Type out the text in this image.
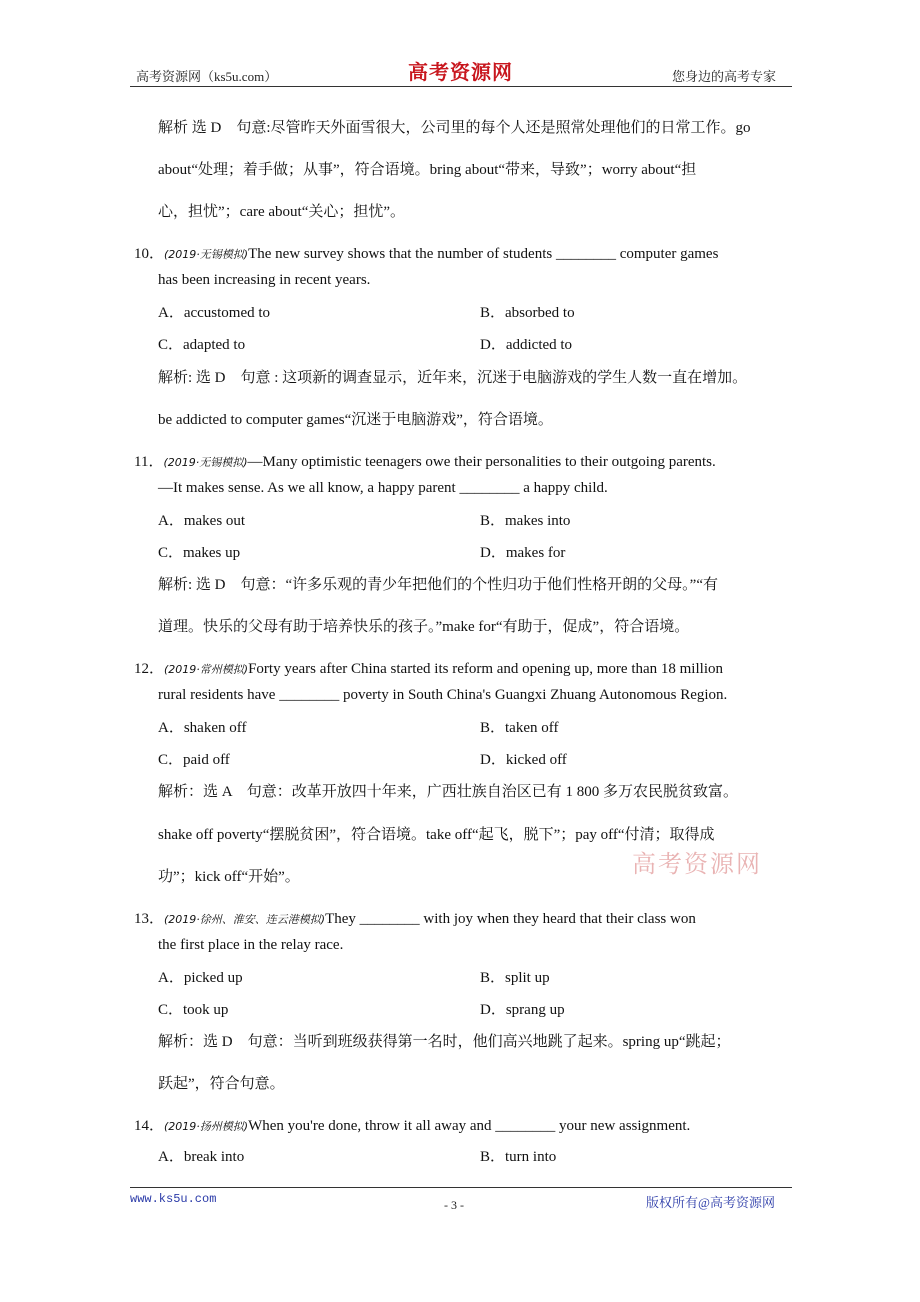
高考资源网（ks5u.com）	高考资源网	您身边的高考专家
解析 选 D　句意:尽管昨天外面雪很大，公司里的每个人还是照常处理他们的日常工作。go
about“处理；着手做；从事”，符合语境。bring about“带来，导致”；worry about“担
心，担忧”；care about“关心；担忧”。
10．(2019·无锡模拟)The new survey shows that the number of students ________ computer games
has been increasing in recent years.
A．accustomed to	B．absorbed to
C．adapted to	D．addicted to
解析: 选 D　句意 : 这项新的调查显示，近年来，沉迷于电脑游戏的学生人数一直在增加。
be addicted to computer games“沉迷于电脑游戏”，符合语境。
11．(2019·无锡模拟)—Many optimistic teenagers owe their personalities to their outgoing parents.
—It makes sense. As we all know, a happy parent ________ a happy child.
A．makes out	B．makes into
C．makes up	D．makes for
解析: 选 D　句意：“许多乐观的青少年把他们的个性归功于他们性格开朗的父母。”“有
道理。快乐的父母有助于培养快乐的孩子。”make for“有助于，促成”，符合语境。
12．(2019·常州模拟)Forty years after China started its reform and opening up, more than 18 million
rural residents have ________ poverty in South China's Guangxi Zhuang Autonomous Region.
A．shaken off	B．taken off
C．paid off	D．kicked off
解析：选 A　句意：改革开放四十年来，广西壮族自治区已有 1 800 多万农民脱贫致富。
shake off poverty“摆脱贫困”，符合语境。take off“起飞，脱下”；pay off“付清；取得成
功”；kick off“开始”。	高考资源网
13．(2019·徐州、淮安、连云港模拟)They ________ with joy when they heard that their class won
the first place in the relay race.
A．picked up	B．split up
C．took up	D．sprang up
解析：选 D　句意：当听到班级获得第一名时，他们高兴地跳了起来。spring up“跳起；
跃起”，符合句意。
14．(2019·扬州模拟)When you're done, throw it all away and ________ your new assignment.
A．break into	B．turn into
www.ks5u.com	- 3 -	版权所有@高考资源网
